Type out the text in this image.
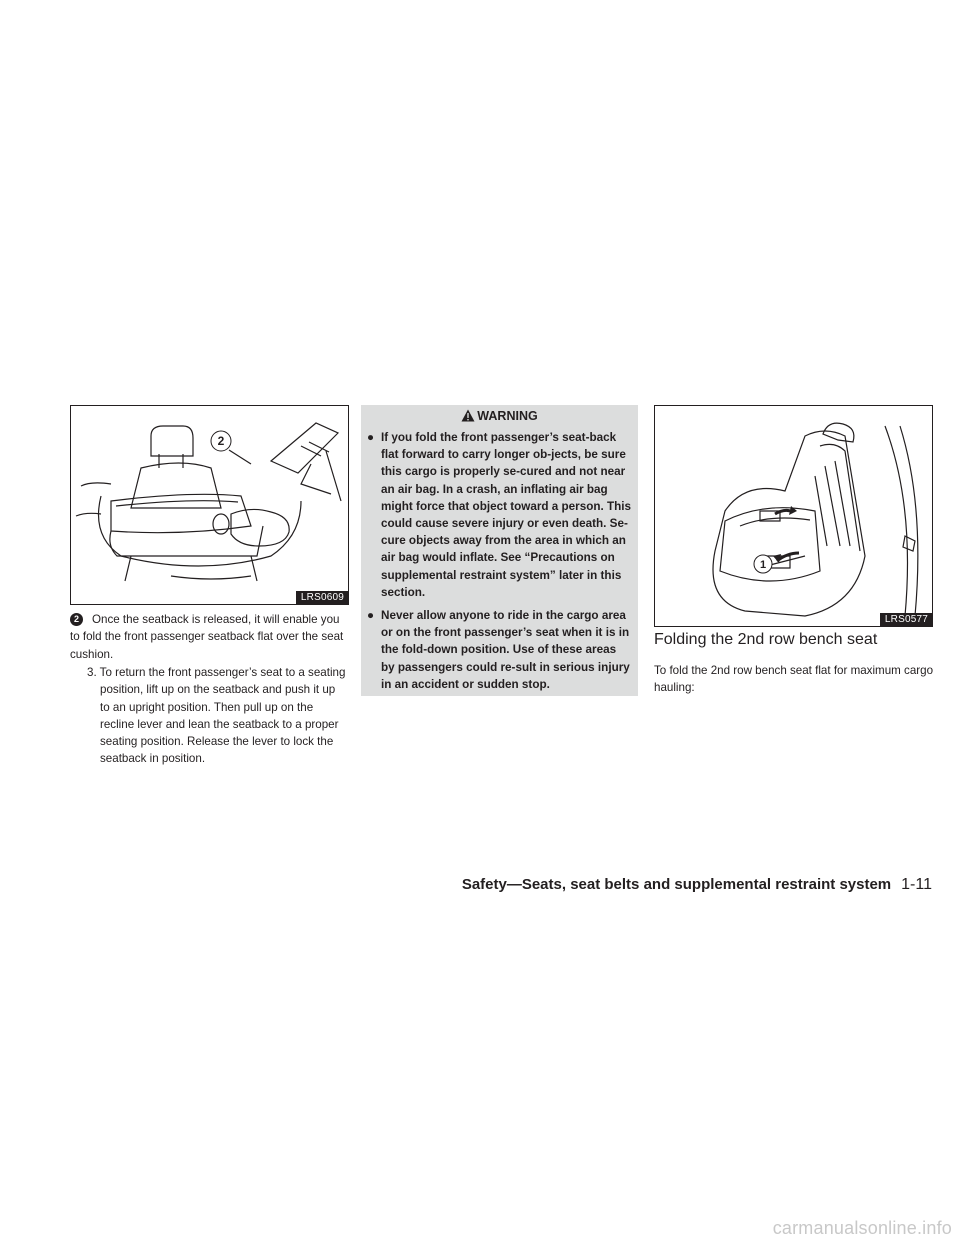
2
LRS0609
2 Once the seatback is released, it will enable you to fold the front passenger seatback flat over the seat cushion.
3. To return the front passenger’s seat to a seating position, lift up on the seatback and push it up to an upright position. Then pull up on the recline lever and lean the seatback to a proper seating position. Release the lever to lock the seatback in position.
WARNING
● If you fold the front passenger’s seat-back flat forward to carry longer ob-jects, be sure this cargo is properly se-cured and not near an air bag. In a crash, an inflating air bag might force that object toward a person. This could cause severe injury or even death. Se-cure objects away from the area in which an air bag would inflate. See “Precautions on supplemental restraint system” later in this section.
● Never allow anyone to ride in the cargo area or on the front passenger’s seat when it is in the fold-down position. Use of these areas by passengers could re-sult in serious injury in an accident or sudden stop.
1
LRS0577
Folding the 2nd row bench seat
To fold the 2nd row bench seat flat for maximum cargo hauling:
Safety—Seats, seat belts and supplemental restraint system 1-11
carmanualsonline.info
